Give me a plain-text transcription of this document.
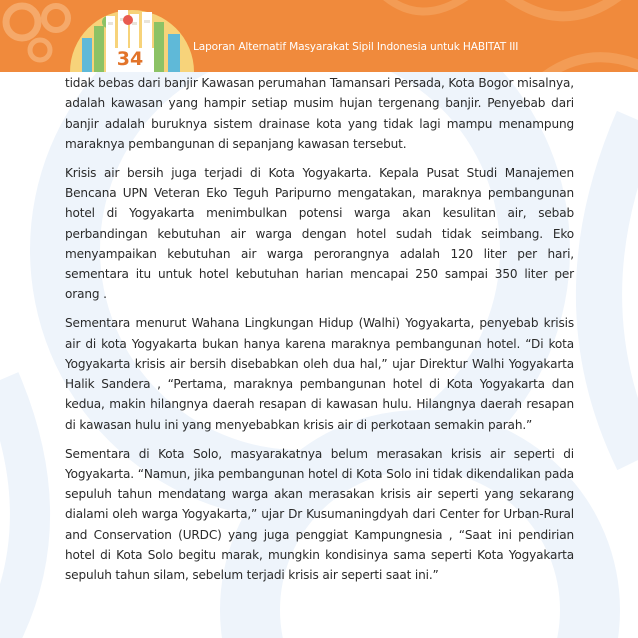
34
Laporan Alternatif Masyarakat Sipil Indonesia untuk HABITAT III

tidak bebas dari banjir Kawasan perumahan Tamansari Persada, Kota Bogor misalnya, adalah kawasan yang hampir setiap musim hujan tergenang banjir. Penyebab dari banjir adalah buruknya sistem drainase kota yang tidak lagi mampu menampung maraknya pembangunan di sepanjang kawasan tersebut.

Krisis air bersih juga terjadi di Kota Yogyakarta. Kepala Pusat Studi Manajemen Bencana UPN Veteran Eko Teguh Paripurno mengatakan, maraknya pembangunan hotel di Yogyakarta menimbulkan potensi warga akan kesulitan air, sebab perbandingan kebutuhan air warga dengan hotel sudah tidak seimbang. Eko menyampaikan kebutuhan air warga perorangnya adalah 120 liter per hari, sementara itu untuk hotel kebutuhan harian mencapai 250 sampai 350 liter per orang .

Sementara menurut Wahana Lingkungan Hidup (Walhi) Yogyakarta, penyebab krisis air di kota Yogyakarta bukan hanya karena maraknya pembangunan hotel. “Di kota Yogyakarta krisis air bersih disebabkan oleh dua hal,” ujar Direktur Walhi Yogyakarta Halik Sandera , “Pertama, maraknya pembangunan hotel di Kota Yogyakarta dan kedua, makin hilangnya daerah resapan di kawasan hulu. Hilangnya daerah resapan di kawasan hulu ini yang menyebabkan krisis air di perkotaan semakin parah.”

Sementara di Kota Solo, masyarakatnya belum merasakan krisis air seperti di Yogyakarta. “Namun, jika pembangunan hotel di Kota Solo ini tidak dikendalikan pada sepuluh tahun mendatang warga akan merasakan krisis air seperti yang sekarang dialami oleh warga Yogyakarta,” ujar Dr Kusumaningdyah dari Center for Urban-Rural and Conservation (URDC) yang juga penggiat Kampungnesia , “Saat ini pendirian hotel di Kota Solo begitu marak, mungkin kondisinya sama seperti Kota Yogyakarta sepuluh tahun silam, sebelum terjadi krisis air seperti saat ini.”
